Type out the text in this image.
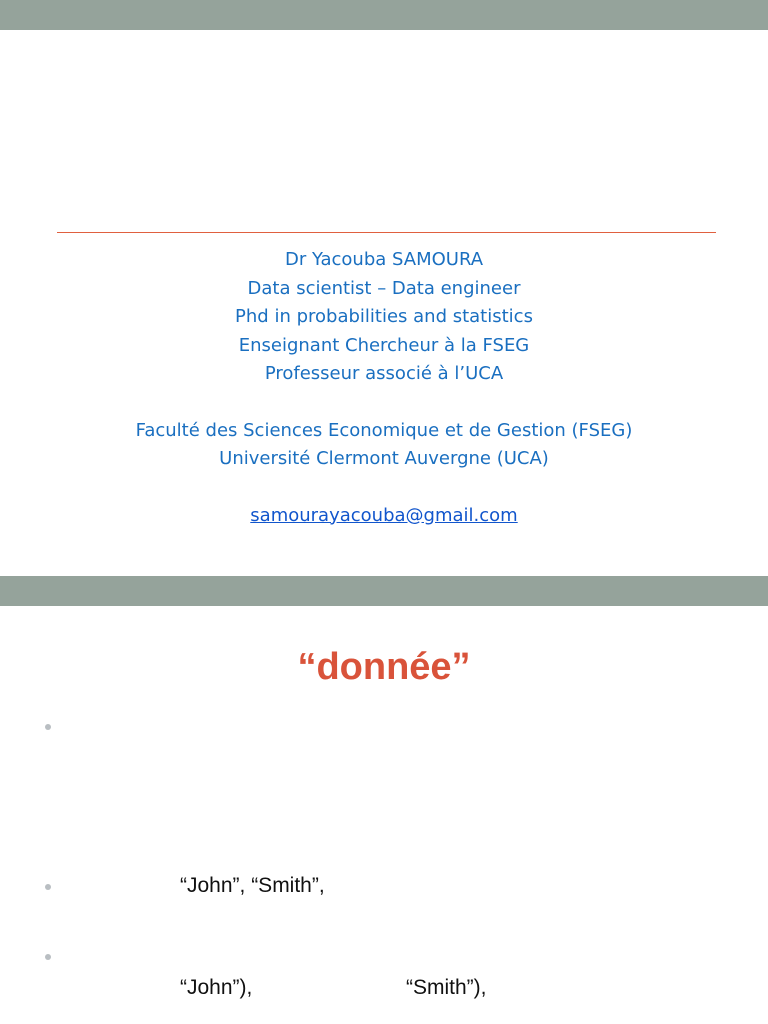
Dr Yacouba SAMOURA
Data scientist – Data engineer
Phd in probabilities and statistics
Enseignant Chercheur à la FSEG
Professeur associé à l’UCA
Faculté des Sciences Economique et de Gestion (FSEG)
Université Clermont Auvergne (UCA)
samourayacouba@gmail.com
“donnée”
“John”, “Smith”,
“John”),	“Smith”),
